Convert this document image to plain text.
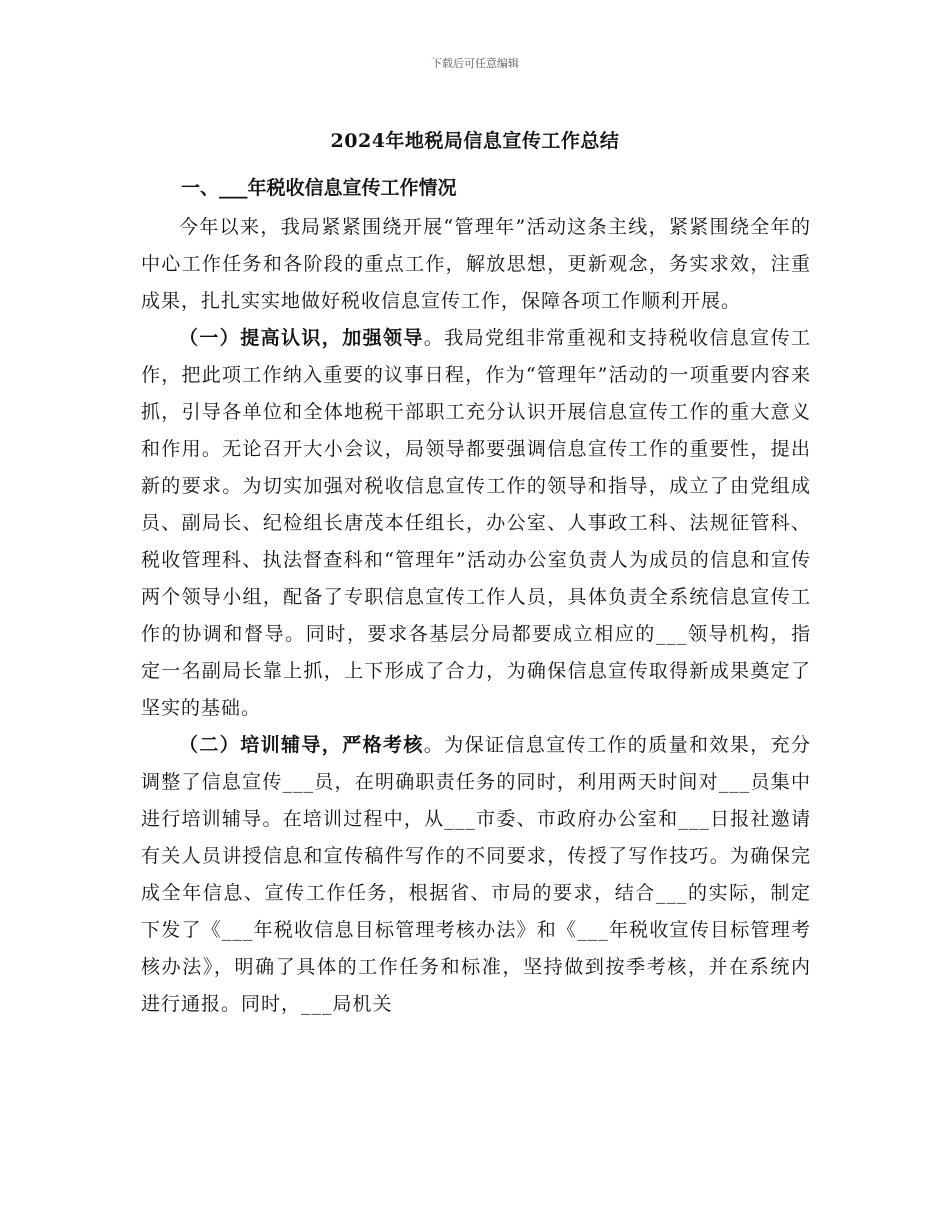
下载后可任意编辑
2024年地税局信息宣传工作总结

一、___年税收信息宣传工作情况

今年以来，我局紧紧围绕开展“管理年”活动这条主线，紧紧围绕全年的中心工作任务和各阶段的重点工作，解放思想，更新观念，务实求效，注重成果，扎扎实实地做好税收信息宣传工作，保障各项工作顺利开展。

（一）提高认识，加强领导。我局党组非常重视和支持税收信息宣传工作，把此项工作纳入重要的议事日程，作为“管理年”活动的一项重要内容来抓，引导各单位和全体地税干部职工充分认识开展信息宣传工作的重大意义和作用。无论召开大小会议，局领导都要强调信息宣传工作的重要性，提出新的要求。为切实加强对税收信息宣传工作的领导和指导，成立了由党组成员、副局长、纪检组长唐茂本任组长，办公室、人事政工科、法规征管科、税收管理科、执法督查科和“管理年”活动办公室负责人为成员的信息和宣传两个领导小组，配备了专职信息宣传工作人员，具体负责全系统信息宣传工作的协调和督导。同时，要求各基层分局都要成立相应的___领导机构，指定一名副局长靠上抓，上下形成了合力，为确保信息宣传取得新成果奠定了坚实的基础。

（二）培训辅导，严格考核。为保证信息宣传工作的质量和效果，充分调整了信息宣传___员，在明确职责任务的同时，利用两天时间对___员集中进行培训辅导。在培训过程中，从___市委、市政府办公室和___日报社邀请有关人员讲授信息和宣传稿件写作的不同要求，传授了写作技巧。为确保完成全年信息、宣传工作任务，根据省、市局的要求，结合___的实际，制定下发了《___年税收信息目标管理考核办法》和《___年税收宣传目标管理考核办法》，明确了具体的工作任务和标准，坚持做到按季考核，并在系统内进行通报。同时，___局机关
